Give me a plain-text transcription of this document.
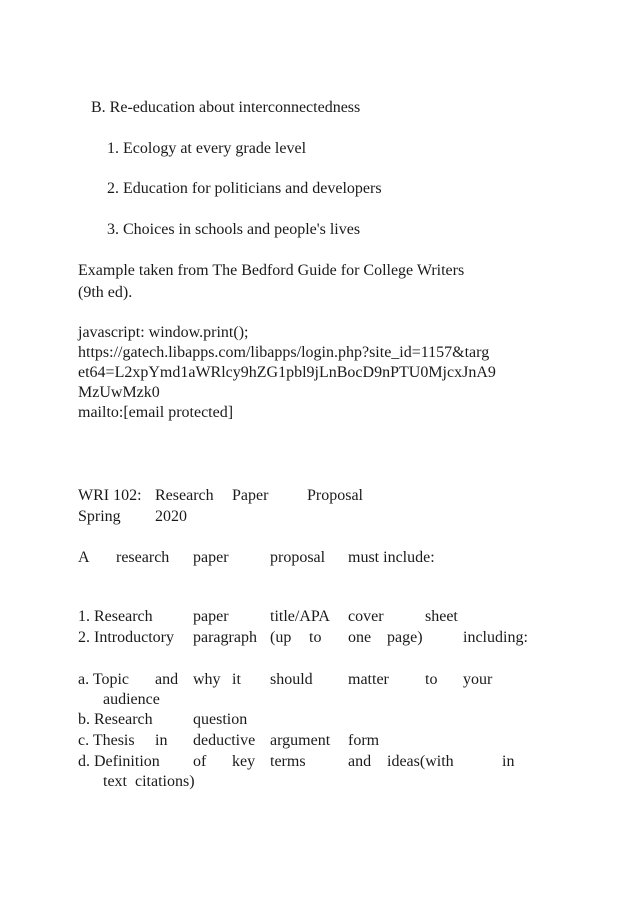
B. Re-education about interconnectedness
1. Ecology at every grade level
2. Education for politicians and developers
3. Choices in schools and people's lives
Example taken from The Bedford Guide for College Writers
(9th ed).
javascript: window.print();
https://gatech.libapps.com/libapps/login.php?site_id=1157&targ
et64=L2xpYmd1aWRlcy9hZG1pbl9jLnBocD9nPTU0MjcxJnA9
MzUwMzk0
mailto:[email protected]
WRI 102: Research Paper Proposal
Spring 2020
A research paper	proposal must include:
1. Research	paper	title/APA cover	sheet
2. Introductory paragraph (up to one page)	including:
a. Topic and why it should matter to your
audience
b. Research	question
c. Thesis in deductive argument form
d. Definition of key terms	and ideas(with	in
text  citations)
